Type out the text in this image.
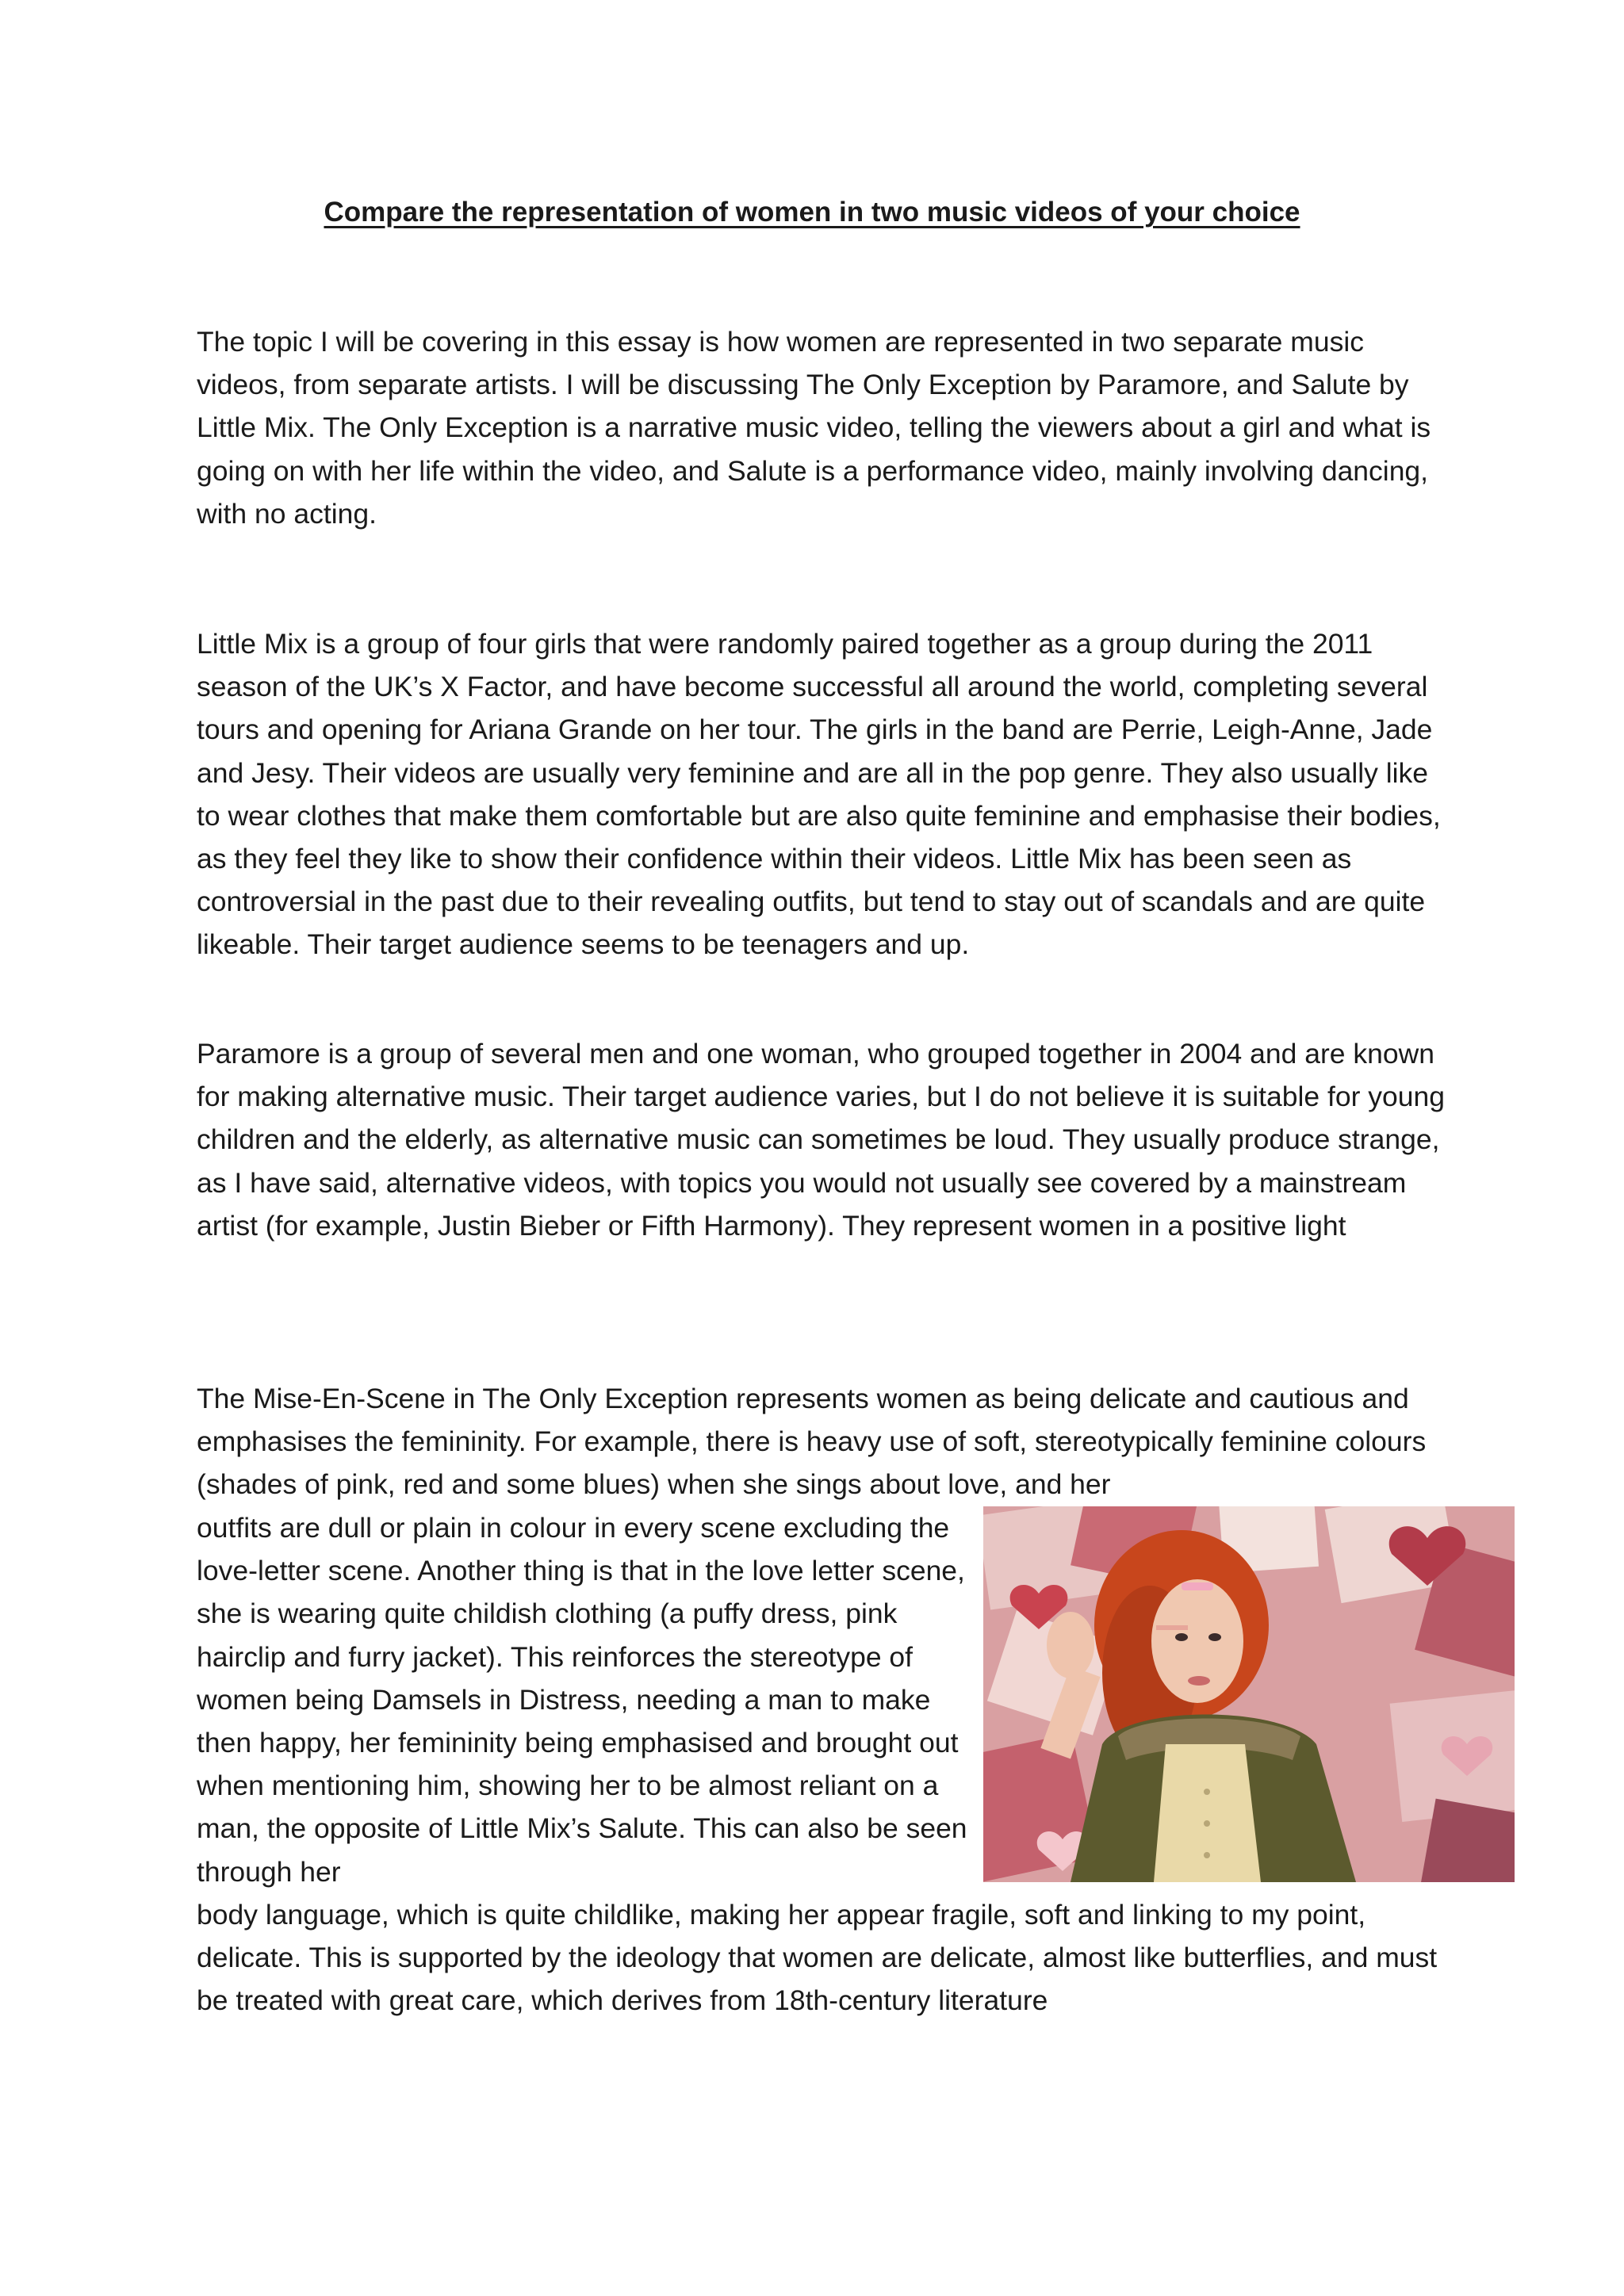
Compare the representation of women in two music videos of your choice

The topic I will be covering in this essay is how women are represented in two separate music videos, from separate artists. I will be discussing The Only Exception by Paramore, and Salute by Little Mix. The Only Exception is a narrative music video, telling the viewers about a girl and what is going on with her life within the video, and Salute is a performance video, mainly involving dancing, with no acting.

Little Mix is a group of four girls that were randomly paired together as a group during the 2011 season of the UK’s X Factor, and have become successful all around the world, completing several tours and opening for Ariana Grande on her tour. The girls in the band are Perrie, Leigh-Anne, Jade and Jesy. Their videos are usually very feminine and are all in the pop genre. They also usually like to wear clothes that make them comfortable but are also quite feminine and emphasise their bodies, as they feel they like to show their confidence within their videos. Little Mix has been seen as controversial in the past due to their revealing outfits, but tend to stay out of scandals and are quite likeable. Their target audience seems to be teenagers and up.

Paramore is a group of several men and one woman, who grouped together in 2004 and are known for making alternative music. Their target audience varies, but I do not believe it is suitable for young children and the elderly, as alternative music can sometimes be loud. They usually produce strange, as I have said, alternative videos, with topics you would not usually see covered by a mainstream artist (for example, Justin Bieber or Fifth Harmony). They represent women in a positive light

The Mise-En-Scene in The Only Exception represents women as being delicate and cautious and emphasises the femininity. For example, there is heavy use of soft, stereotypically feminine colours (shades of pink, red and some blues) when she sings about love, and her

outfits are dull or plain in colour in every scene excluding the love-letter scene. Another thing is that in the love letter scene, she is wearing quite childish clothing (a puffy dress, pink hairclip and furry jacket). This reinforces the stereotype of women being Damsels in Distress, needing a man to make then happy, her femininity being emphasised and brought out when mentioning him, showing her to be almost reliant on a man, the opposite of Little Mix’s Salute. This can also be seen through her

body language, which is quite childlike, making her appear fragile, soft and linking to my point, delicate. This is supported by the ideology that women are delicate, almost like butterflies, and must be treated with great care, which derives from 18th-century literature
